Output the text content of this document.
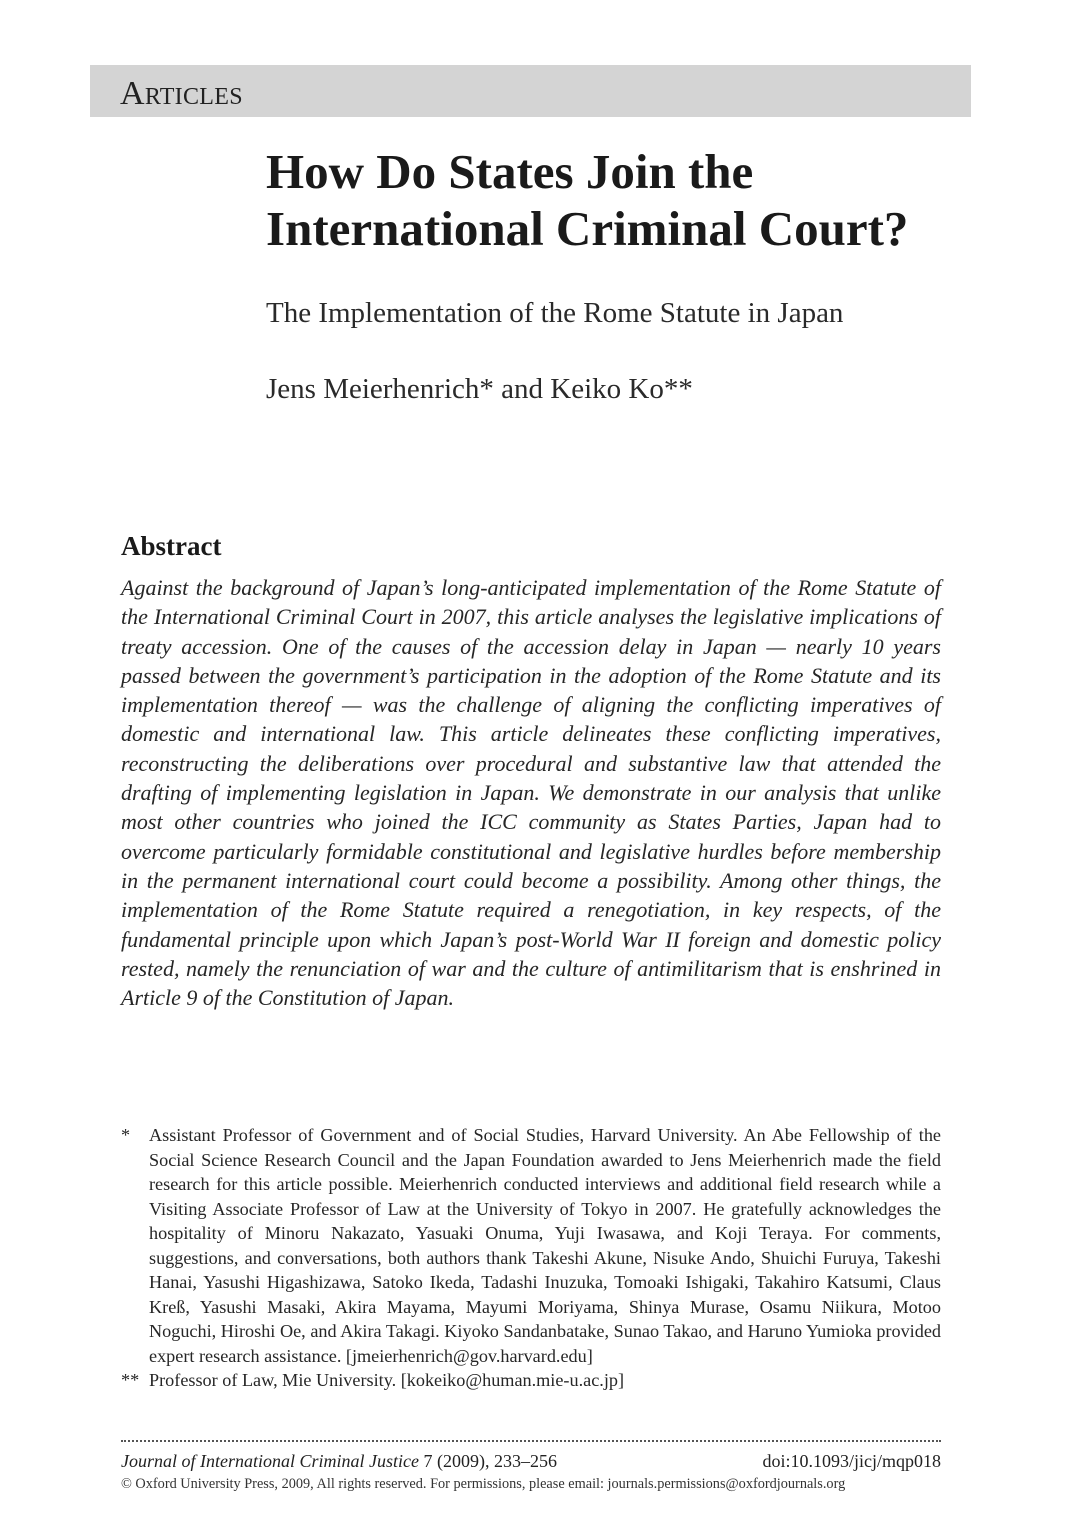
Articles
How Do States Join the International Criminal Court?
The Implementation of the Rome Statute in Japan
Jens Meierhenrich* and Keiko Ko**
Abstract
Against the background of Japan’s long-anticipated implementation of the Rome Statute of the International Criminal Court in 2007, this article analyses the legislative implications of treaty accession. One of the causes of the accession delay in Japan — nearly 10 years passed between the government’s participation in the adoption of the Rome Statute and its implementation thereof — was the challenge of aligning the conflicting imperatives of domestic and international law. This article delineates these conflicting imperatives, reconstructing the deliberations over procedural and substantive law that attended the drafting of implementing legislation in Japan. We demonstrate in our analysis that unlike most other countries who joined the ICC community as States Parties, Japan had to overcome particularly formidable constitutional and legislative hurdles before membership in the permanent international court could become a possibility. Among other things, the implementation of the Rome Statute required a renegotiation, in key respects, of the fundamental principle upon which Japan’s post-World War II foreign and domestic policy rested, namely the renunciation of war and the culture of antimilitarism that is enshrined in Article 9 of the Constitution of Japan.
*	Assistant Professor of Government and of Social Studies, Harvard University. An Abe Fellowship of the Social Science Research Council and the Japan Foundation awarded to Jens Meierhenrich made the field research for this article possible. Meierhenrich conducted interviews and additional field research while a Visiting Associate Professor of Law at the University of Tokyo in 2007. He gratefully acknowledges the hospitality of Minoru Nakazato, Yasuaki Onuma, Yuji Iwasawa, and Koji Teraya. For comments, suggestions, and conversations, both authors thank Takeshi Akune, Nisuke Ando, Shuichi Furuya, Takeshi Hanai, Yasushi Higashizawa, Satoko Ikeda, Tadashi Inuzuka, Tomoaki Ishigaki, Takahiro Katsumi, Claus Kreß, Yasushi Masaki, Akira Mayama, Mayumi Moriyama, Shinya Murase, Osamu Niikura, Motoo Noguchi, Hiroshi Oe, and Akira Takagi. Kiyoko Sandanbatake, Sunao Takao, and Haruno Yumioka provided expert research assistance. [jmeierhenrich@gov.harvard.edu]
** Professor of Law, Mie University. [kokeiko@human.mie-u.ac.jp]
Journal of International Criminal Justice 7 (2009), 233–256	doi:10.1093/jicj/mqp018
© Oxford University Press, 2009, All rights reserved. For permissions, please email: journals.permissions@oxfordjournals.org
